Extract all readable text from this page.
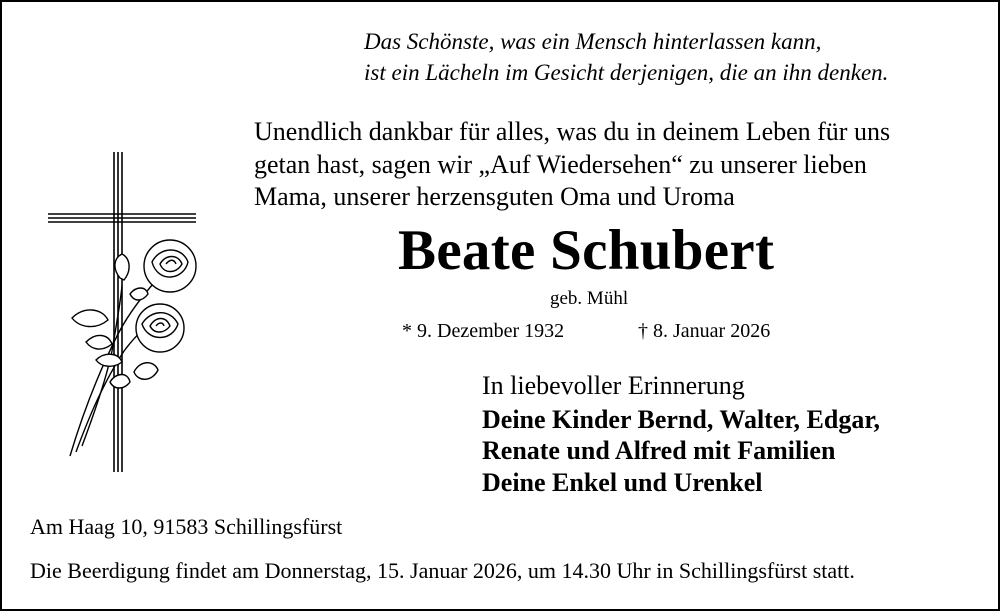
Das Schönste, was ein Mensch hinterlassen kann,
ist ein Lächeln im Gesicht derjenigen, die an ihn denken.
Unendlich dankbar für alles, was du in deinem Leben für uns
getan hast, sagen wir „Auf Wiedersehen“ zu unserer lieben
Mama, unserer herzensguten Oma und Uroma
Beate Schubert
geb. Mühl
* 9. Dezember 1932	† 8. Januar 2026
In liebevoller Erinnerung
Deine Kinder Bernd, Walter, Edgar,
Renate und Alfred mit Familien
Deine Enkel und Urenkel
Am Haag 10, 91583 Schillingsfürst
Die Beerdigung findet am Donnerstag, 15. Januar 2026, um 14.30 Uhr in Schillingsfürst statt.
